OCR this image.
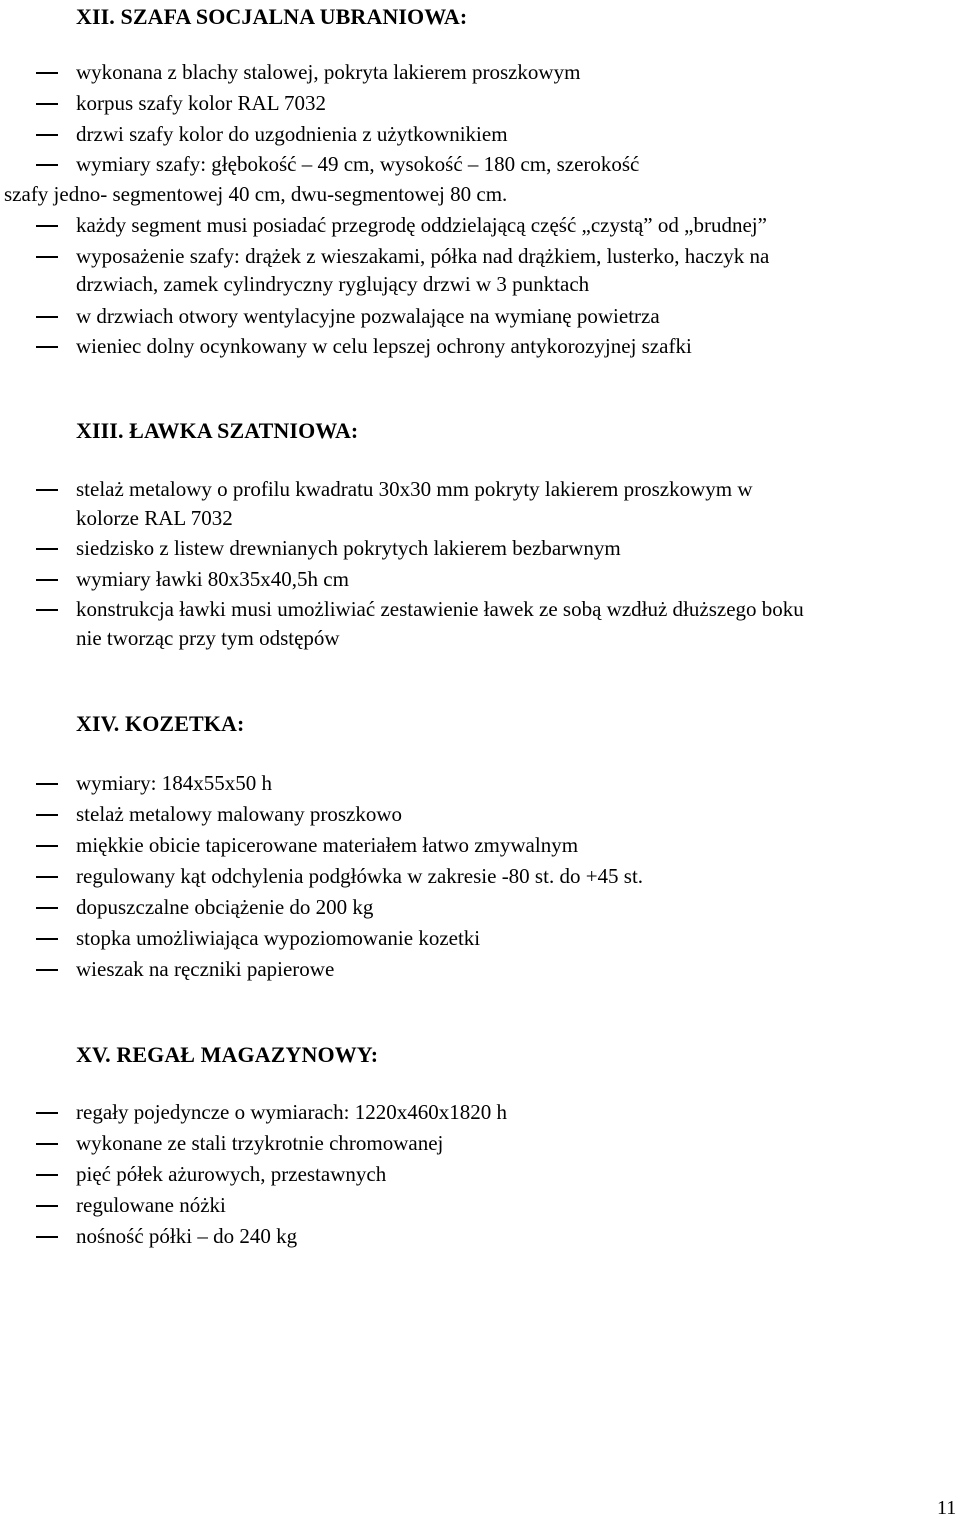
XII. SZAFA SOCJALNA UBRANIOWA:

wykonana z blachy stalowej, pokryta lakierem proszkowym

korpus szafy kolor RAL 7032

drzwi szafy kolor do uzgodnienia z użytkownikiem

wymiary szafy: głębokość – 49 cm, wysokość – 180 cm, szerokość

szafy jedno- segmentowej 40 cm, dwu-segmentowej 80 cm.

każdy segment musi posiadać przegrodę oddzielającą część „czystą” od „brudnej”

wyposażenie szafy: drążek z wieszakami, półka nad drążkiem, lusterko, haczyk na

drzwiach, zamek cylindryczny ryglujący drzwi w 3 punktach

w drzwiach otwory wentylacyjne pozwalające na wymianę powietrza

wieniec dolny ocynkowany w celu lepszej ochrony antykorozyjnej szafki

XIII. ŁAWKA SZATNIOWA:

stelaż metalowy o profilu kwadratu 30x30 mm pokryty lakierem proszkowym w

kolorze RAL 7032

siedzisko z listew drewnianych pokrytych lakierem bezbarwnym

wymiary ławki 80x35x40,5h cm

konstrukcja ławki musi umożliwiać zestawienie ławek ze sobą wzdłuż dłuższego boku

nie tworząc przy tym odstępów

XIV. KOZETKA:

wymiary: 184x55x50 h

stelaż metalowy malowany proszkowo

miękkie obicie tapicerowane materiałem łatwo zmywalnym

regulowany kąt odchylenia podgłówka w zakresie -80 st. do +45 st.

dopuszczalne obciążenie do 200 kg

stopka umożliwiająca wypoziomowanie kozetki

wieszak na ręczniki papierowe

XV. REGAŁ MAGAZYNOWY:

regały pojedyncze o wymiarach: 1220x460x1820 h

wykonane ze stali trzykrotnie chromowanej

pięć półek ażurowych, przestawnych

regulowane nóżki

nośność półki – do 240 kg

11
